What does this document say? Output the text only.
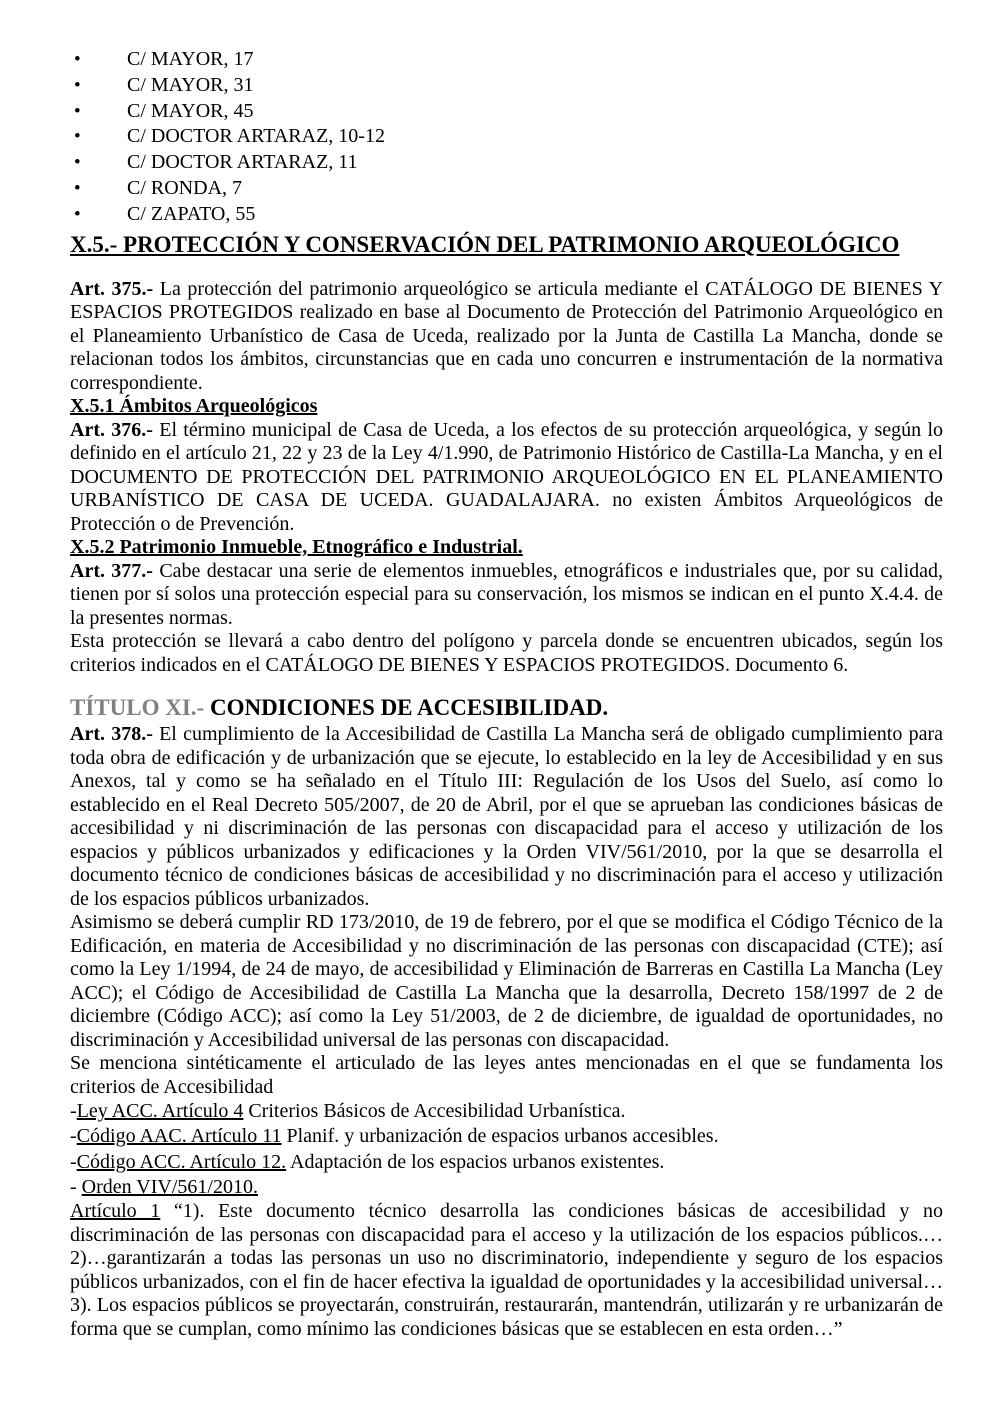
• C/ MAYOR, 17
• C/ MAYOR, 31
• C/ MAYOR, 45
• C/ DOCTOR ARTARAZ, 10-12
• C/ DOCTOR ARTARAZ, 11
• C/ RONDA, 7
• C/ ZAPATO, 55
X.5.- PROTECCIÓN Y CONSERVACIÓN DEL PATRIMONIO ARQUEOLÓGICO

Art. 375.- La protección del patrimonio arqueológico se articula mediante el CATÁLOGO DE BIENES Y ESPACIOS PROTEGIDOS realizado en base al Documento de Protección del Patrimonio Arqueológico en el Planeamiento Urbanístico de Casa de Uceda, realizado por la Junta de Castilla La Mancha, donde se relacionan todos los ámbitos, circunstancias que en cada uno concurren e instrumentación de la normativa correspondiente.

X.5.1 Ámbitos Arqueológicos

Art. 376.- El término municipal de Casa de Uceda, a los efectos de su protección arqueológica, y según lo definido en el artículo 21, 22 y 23 de la Ley 4/1.990, de Patrimonio Histórico de Castilla-La Mancha, y en el DOCUMENTO DE PROTECCIÓN DEL PATRIMONIO ARQUEOLÓGICO EN EL PLANEAMIENTO URBANÍSTICO DE CASA DE UCEDA. GUADALAJARA. no existen Ámbitos Arqueológicos de Protección o de Prevención.

X.5.2 Patrimonio Inmueble, Etnográfico e Industrial.

Art. 377.- Cabe destacar una serie de elementos inmuebles, etnográficos e industriales que, por su calidad, tienen por sí solos una protección especial para su conservación, los mismos se indican en el punto X.4.4. de la presentes normas.

Esta protección se llevará a cabo dentro del polígono y parcela donde se encuentren ubicados, según los criterios indicados en el CATÁLOGO DE BIENES Y ESPACIOS PROTEGIDOS. Documento 6.

TÍTULO XI.- CONDICIONES DE ACCESIBILIDAD.

Art. 378.- El cumplimiento de la Accesibilidad de Castilla La Mancha será de obligado cumplimiento para toda obra de edificación y de urbanización que se ejecute, lo establecido en la ley de Accesibilidad y en sus Anexos, tal y como se ha señalado en el Título III: Regulación de los Usos del Suelo, así como lo establecido en el Real Decreto 505/2007, de 20 de Abril, por el que se aprueban las condiciones básicas de accesibilidad y ni discriminación de las personas con discapacidad para el acceso y utilización de los espacios y públicos urbanizados y edificaciones y la Orden VIV/561/2010, por la que se desarrolla el documento técnico de condiciones básicas de accesibilidad y no discriminación para el acceso y utilización de los espacios públicos urbanizados.

Asimismo se deberá cumplir RD 173/2010, de 19 de febrero, por el que se modifica el Código Técnico de la Edificación, en materia de Accesibilidad y no discriminación de las personas con discapacidad (CTE); así como la Ley 1/1994, de 24 de mayo, de accesibilidad y Eliminación de Barreras en Castilla La Mancha (Ley ACC); el Código de Accesibilidad de Castilla La Mancha que la desarrolla, Decreto 158/1997 de 2 de diciembre (Código ACC); así como la Ley 51/2003, de 2 de diciembre, de igualdad de oportunidades, no discriminación y Accesibilidad universal de las personas con discapacidad.

Se menciona sintéticamente el articulado de las leyes antes mencionadas en el que se fundamenta los criterios de Accesibilidad

-Ley ACC. Artículo 4 Criterios Básicos de Accesibilidad Urbanística.

-Código AAC. Artículo 11 Planif. y urbanización de espacios urbanos accesibles.

-Código ACC. Artículo 12. Adaptación de los espacios urbanos existentes.

- Orden VIV/561/2010.

Artículo 1 “1). Este documento técnico desarrolla las condiciones básicas de accesibilidad y no discriminación de las personas con discapacidad para el acceso y la utilización de los espacios públicos.…2)…garantizarán a todas las personas un uso no discriminatorio, independiente y seguro de los espacios públicos urbanizados, con el fin de hacer efectiva la igualdad de oportunidades y la accesibilidad universal…3). Los espacios públicos se proyectarán, construirán, restaurarán, mantendrán, utilizarán y re urbanizarán de forma que se cumplan, como mínimo las condiciones básicas que se establecen en esta orden…”
